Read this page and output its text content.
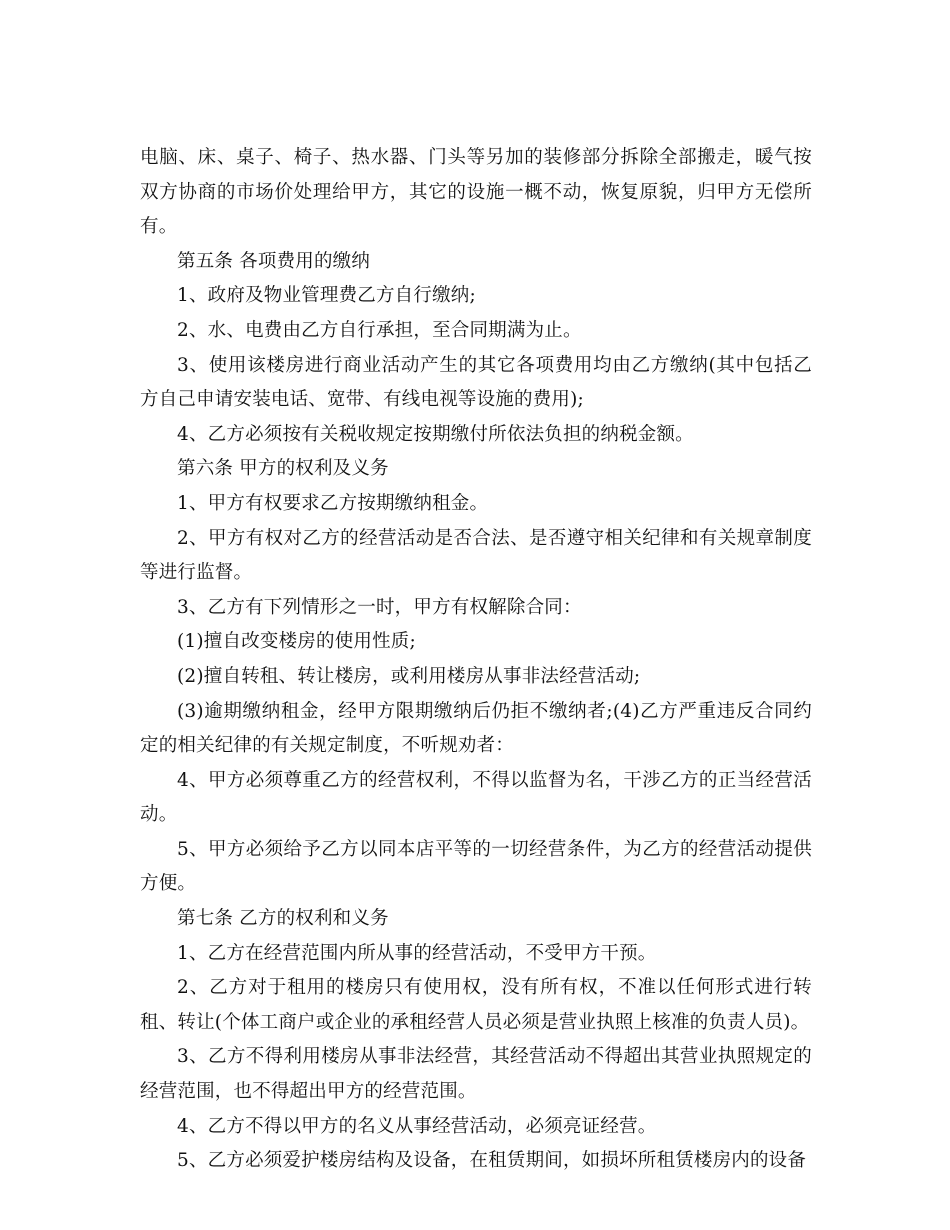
电脑、床、桌子、椅子、热水器、门头等另加的装修部分拆除全部搬走，暖气按双方协商的市场价处理给甲方，其它的设施一概不动，恢复原貌，归甲方无偿所有。

第五条 各项费用的缴纳

1、政府及物业管理费乙方自行缴纳;

2、水、电费由乙方自行承担，至合同期满为止。

3、使用该楼房进行商业活动产生的其它各项费用均由乙方缴纳(其中包括乙方自己申请安装电话、宽带、有线电视等设施的费用);

4、乙方必须按有关税收规定按期缴付所依法负担的纳税金额。

第六条 甲方的权利及义务

1、甲方有权要求乙方按期缴纳租金。

2、甲方有权对乙方的经营活动是否合法、是否遵守相关纪律和有关规章制度等进行监督。

3、乙方有下列情形之一时，甲方有权解除合同：

(1)擅自改变楼房的使用性质;

(2)擅自转租、转让楼房，或利用楼房从事非法经营活动;

(3)逾期缴纳租金，经甲方限期缴纳后仍拒不缴纳者;(4)乙方严重违反合同约定的相关纪律的有关规定制度，不听规劝者：

4、甲方必须尊重乙方的经营权利，不得以监督为名，干涉乙方的正当经营活动。

5、甲方必须给予乙方以同本店平等的一切经营条件，为乙方的经营活动提供方便。

第七条 乙方的权利和义务

1、乙方在经营范围内所从事的经营活动，不受甲方干预。

2、乙方对于租用的楼房只有使用权，没有所有权，不准以任何形式进行转租、转让(个体工商户或企业的承租经营人员必须是营业执照上核准的负责人员)。

3、乙方不得利用楼房从事非法经营，其经营活动不得超出其营业执照规定的经营范围，也不得超出甲方的经营范围。

4、乙方不得以甲方的名义从事经营活动，必须亮证经营。

5、乙方必须爱护楼房结构及设备，在租赁期间，如损坏所租赁楼房内的设备
